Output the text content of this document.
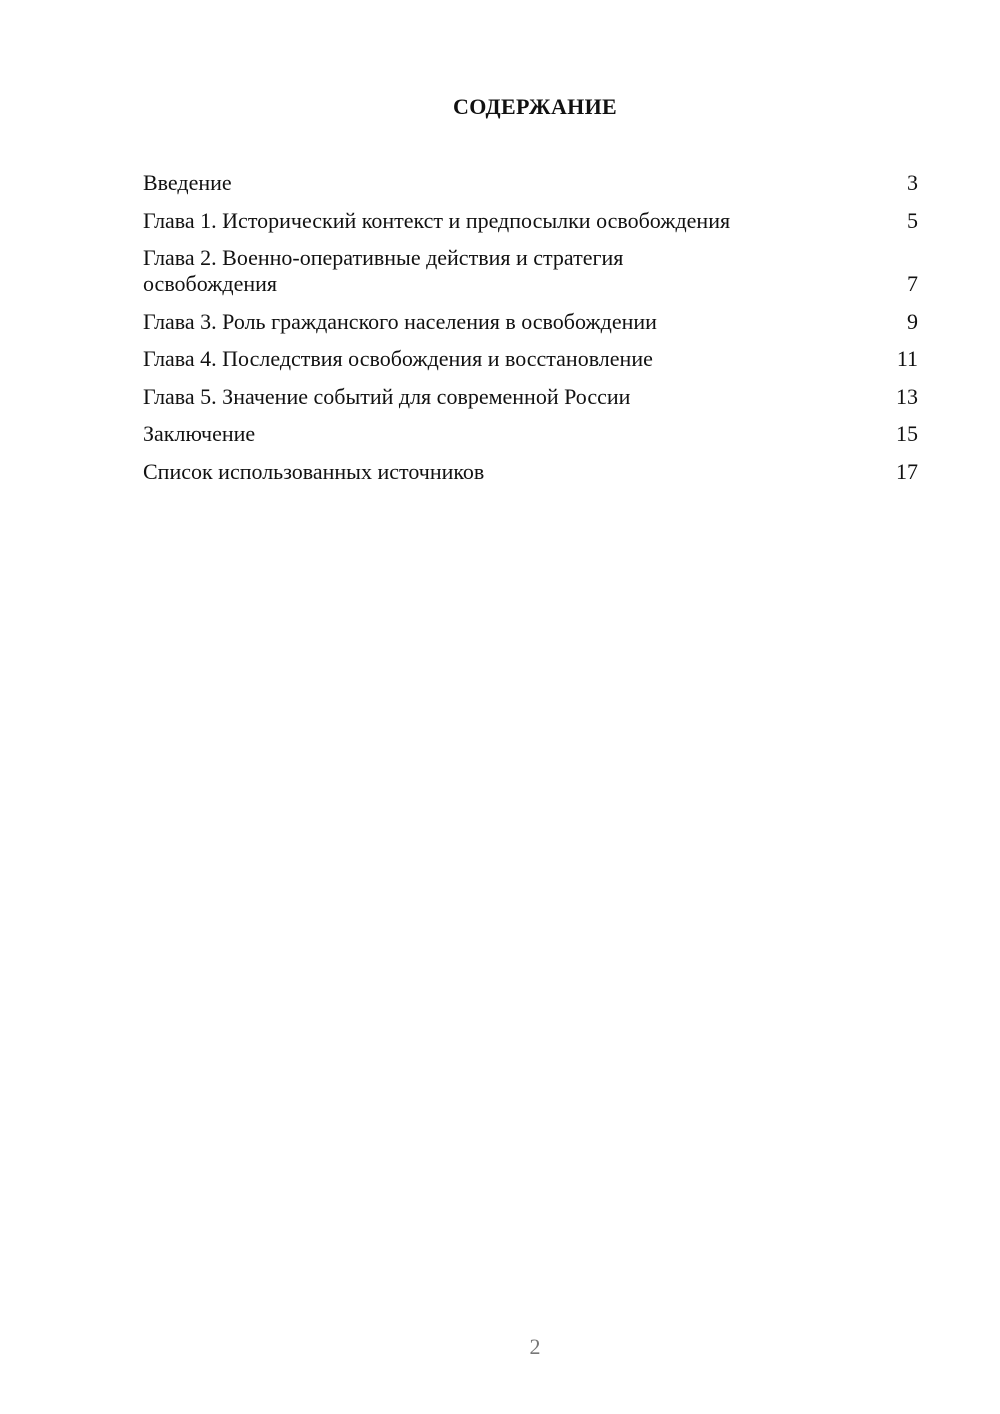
СОДЕРЖАНИЕ
Введение	3
Глава 1. Исторический контекст и предпосылки освобождения	5
Глава 2. Военно-оперативные действия и стратегия освобождения	7
Глава 3. Роль гражданского населения в освобождении	9
Глава 4. Последствия освобождения и восстановление	11
Глава 5. Значение событий для современной России	13
Заключение	15
Список использованных источников	17
2
